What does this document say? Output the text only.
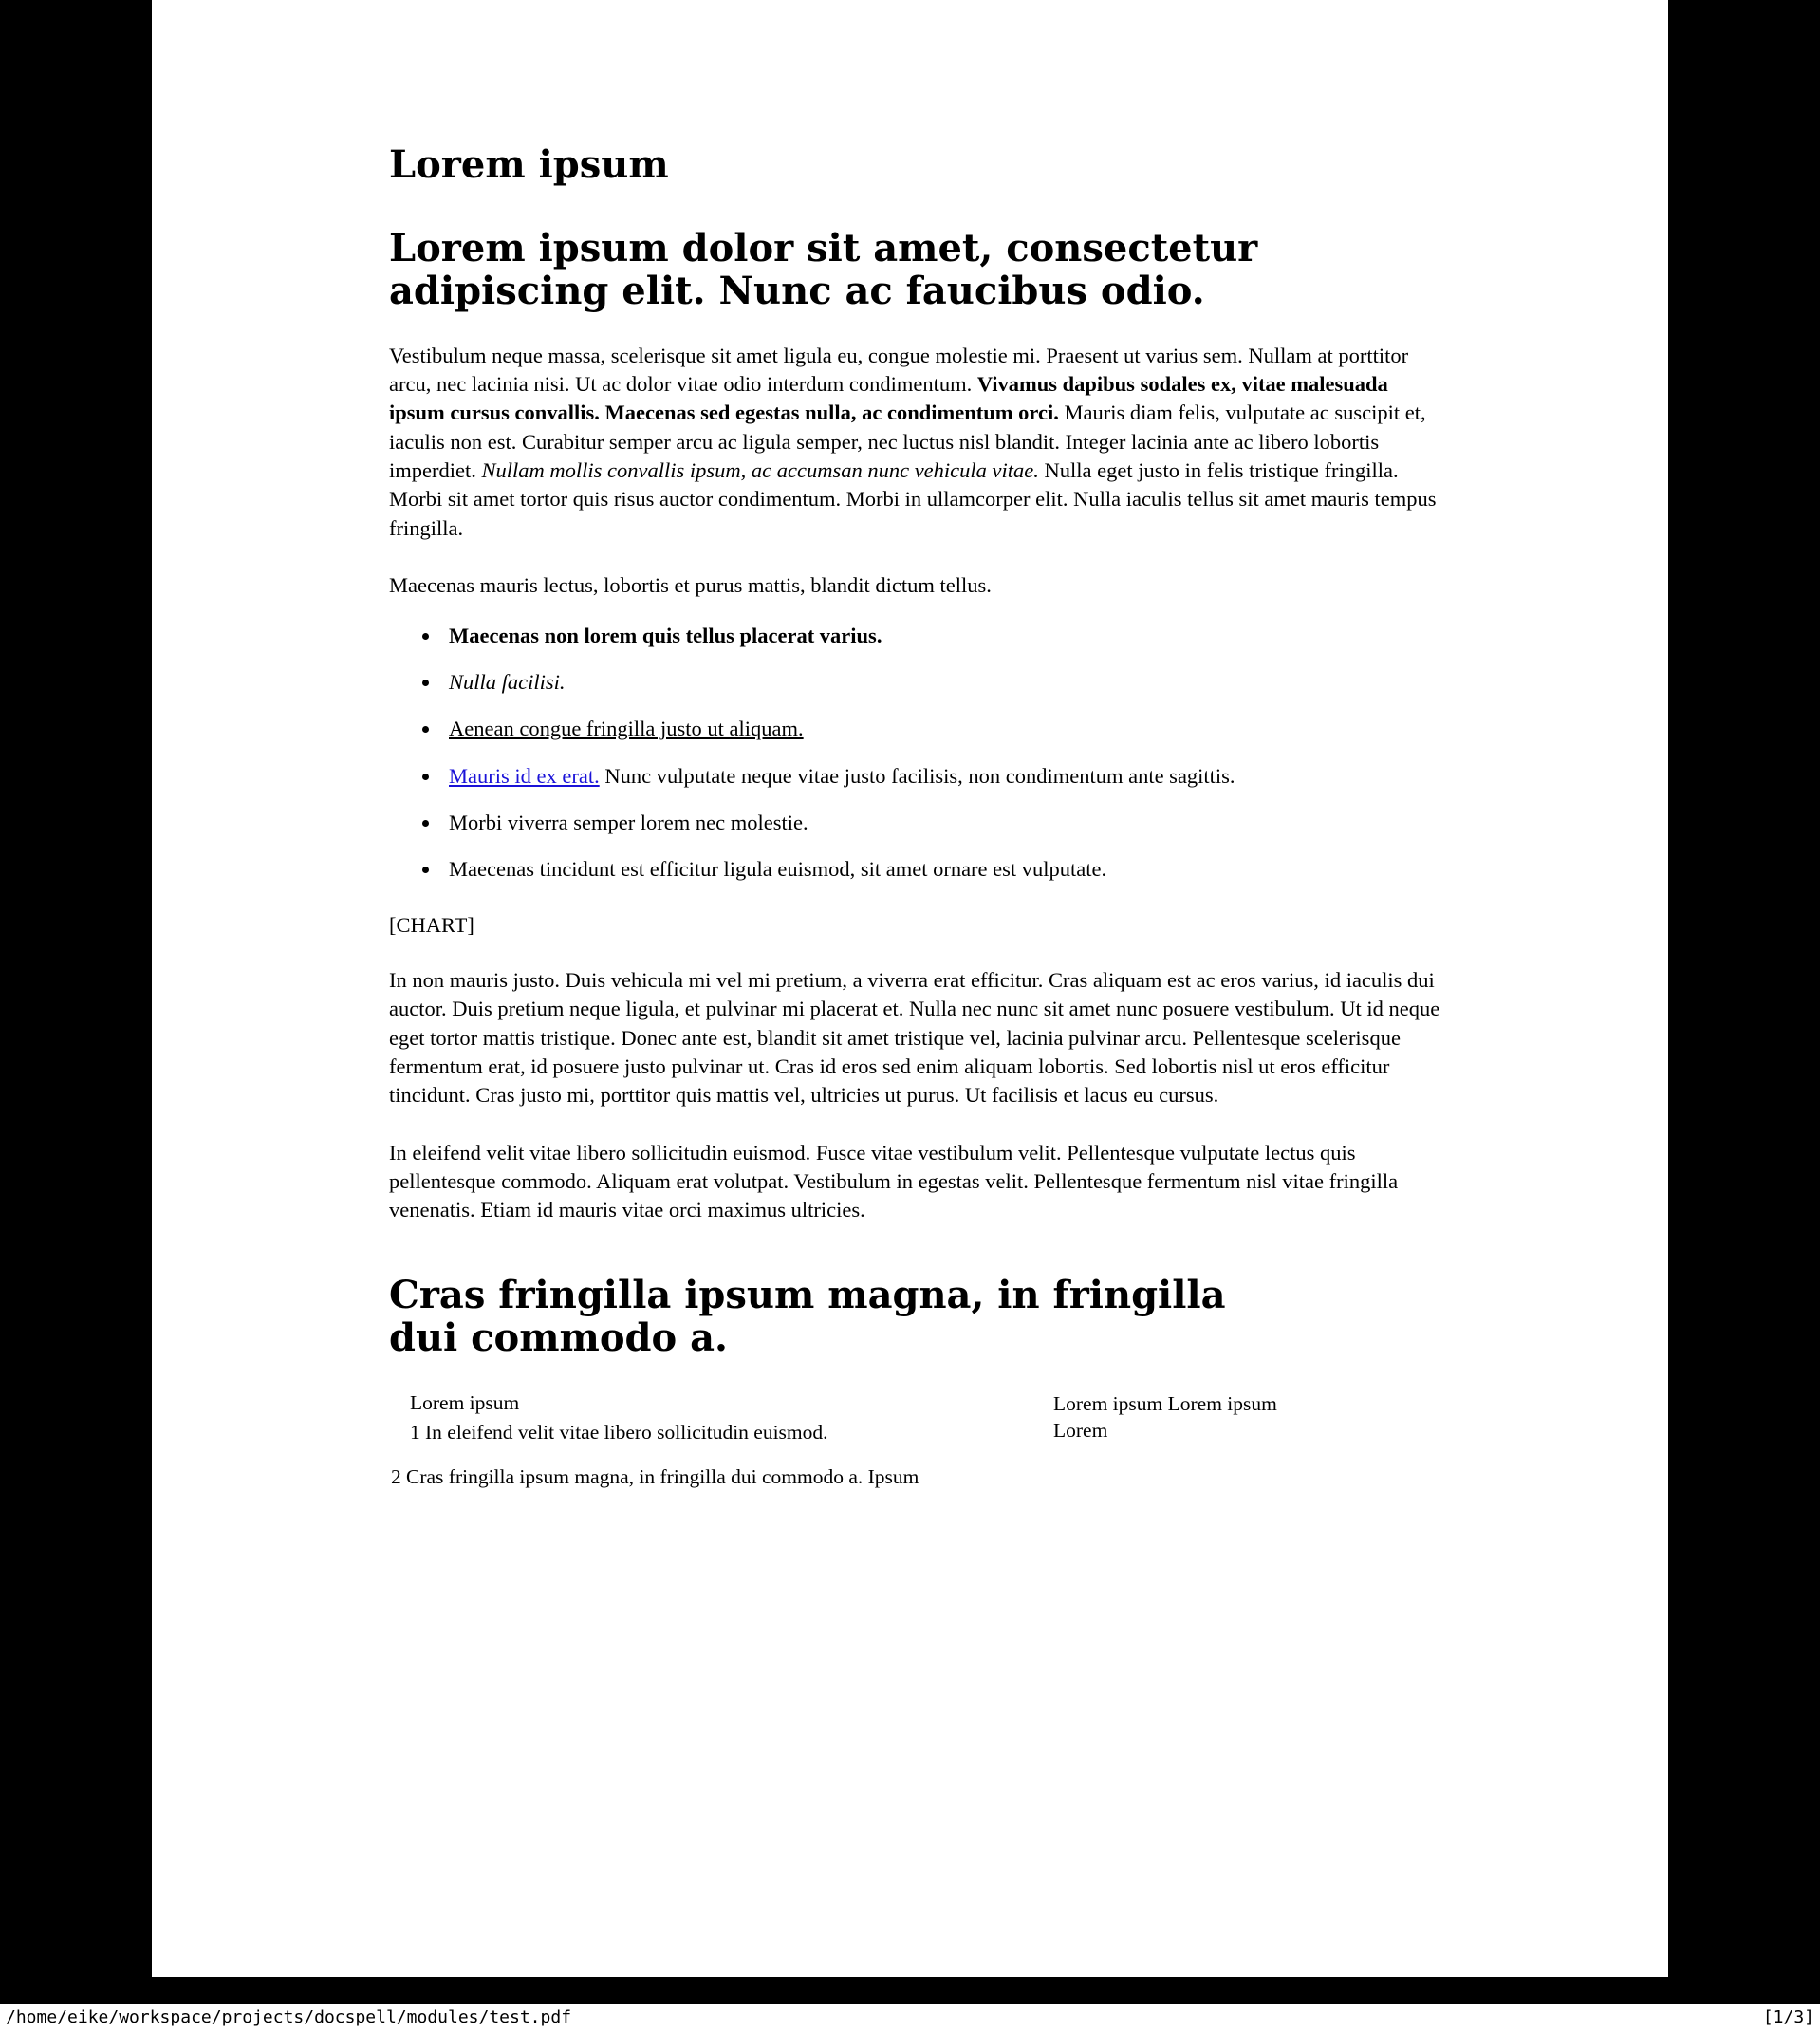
Lorem ipsum
Lorem ipsum dolor sit amet, consectetur adipiscing elit. Nunc ac faucibus odio.

Vestibulum neque massa, scelerisque sit amet ligula eu, congue molestie mi. Praesent ut varius sem. Nullam at porttitor arcu, nec lacinia nisi. Ut ac dolor vitae odio interdum condimentum. Vivamus dapibus sodales ex, vitae malesuada ipsum cursus convallis. Maecenas sed egestas nulla, ac condimentum orci. Mauris diam felis, vulputate ac suscipit et, iaculis non est. Curabitur semper arcu ac ligula semper, nec luctus nisl blandit. Integer lacinia ante ac libero lobortis imperdiet. Nullam mollis convallis ipsum, ac accumsan nunc vehicula vitae. Nulla eget justo in felis tristique fringilla. Morbi sit amet tortor quis risus auctor condimentum. Morbi in ullamcorper elit. Nulla iaculis tellus sit amet mauris tempus fringilla.

Maecenas mauris lectus, lobortis et purus mattis, blandit dictum tellus.

• Maecenas non lorem quis tellus placerat varius.
• Nulla facilisi.
• Aenean congue fringilla justo ut aliquam.
• Mauris id ex erat. Nunc vulputate neque vitae justo facilisis, non condimentum ante sagittis.
• Morbi viverra semper lorem nec molestie.
• Maecenas tincidunt est efficitur ligula euismod, sit amet ornare est vulputate.
[CHART]

In non mauris justo. Duis vehicula mi vel mi pretium, a viverra erat efficitur. Cras aliquam est ac eros varius, id iaculis dui auctor. Duis pretium neque ligula, et pulvinar mi placerat et. Nulla nec nunc sit amet nunc posuere vestibulum. Ut id neque eget tortor mattis tristique. Donec ante est, blandit sit amet tristique vel, lacinia pulvinar arcu. Pellentesque scelerisque fermentum erat, id posuere justo pulvinar ut. Cras id eros sed enim aliquam lobortis. Sed lobortis nisl ut eros efficitur tincidunt. Cras justo mi, porttitor quis mattis vel, ultricies ut purus. Ut facilisis et lacus eu cursus.

In eleifend velit vitae libero sollicitudin euismod. Fusce vitae vestibulum velit. Pellentesque vulputate lectus quis pellentesque commodo. Aliquam erat volutpat. Vestibulum in egestas velit. Pellentesque fermentum nisl vitae fringilla venenatis. Etiam id mauris vitae orci maximus ultricies.

Cras fringilla ipsum magna, in fringilla dui commodo a.

Lorem ipsum

1 In eleifend velit vitae libero sollicitudin euismod.

Lorem ipsum Lorem ipsum
Lorem
2 Cras fringilla ipsum magna, in fringilla dui commodo a. Ipsum
/home/eike/workspace/projects/docspell/modules/test.pdf	[1/3]
